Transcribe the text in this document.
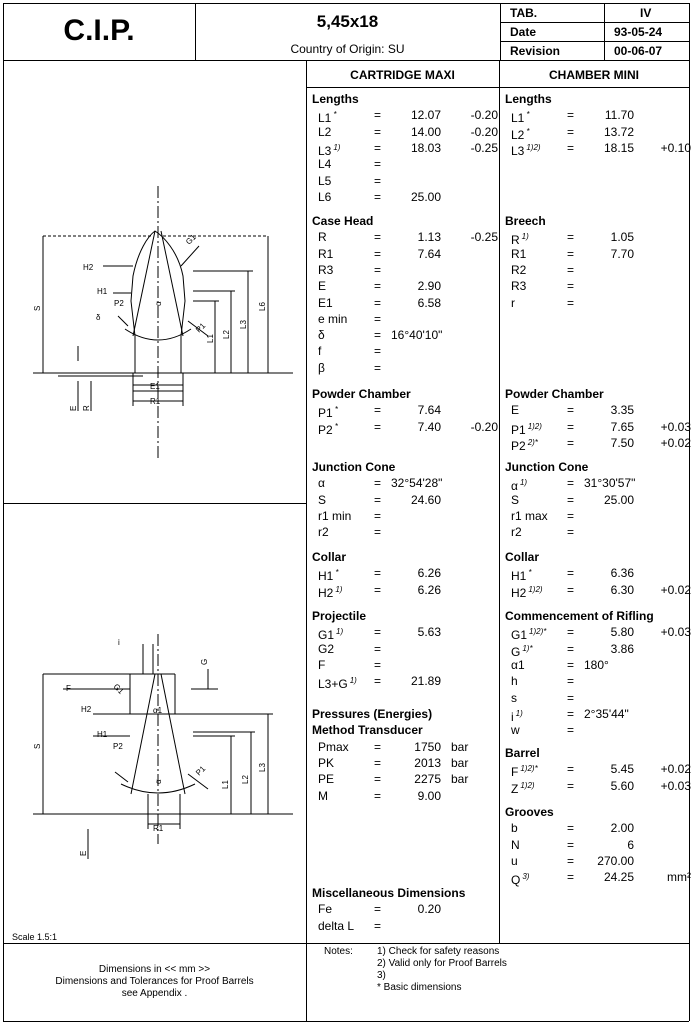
C.I.P.	5,45x18
Country of Origin: SU
TAB.	IV
Date	93-05-24
Revision	00-06-07
CARTRIDGE MAXI	CHAMBER MINI
Lengths
L1 *	=	12.07	-0.20
L2	=	14.00	-0.20
L3 $^{1)}$	=	18.03	-0.25
L4	=
L5	=
L6	=	25.00
Case Head
R	=	1.13	-0.25
R1	=	7.64
R3	=
E	=	2.90
E1	=	6.58
e min =
δ	= 16°40'10"
f	=
β	=
Powder Chamber
P1 *	=	7.64
P2 *	=	7.40	-0.20
Junction Cone
α	= 32°54'28"
S	=	24.60
r1 min =
r2	=
Collar
H1 *	=	6.26
H2 $^{1)}$	=	6.26
Projectile
G1 $^{1)}$	=	5.63
G2	=
F	=
L3+G $^{1)}$ =	21.89
Pressures (Energies)
Method Transducer
Pmax =	1750 bar
PK	=	2013 bar
PE	=	2275 bar
M	=	9.00
Miscellaneous Dimensions
Fe	=	0.20
delta L =
Lengths
L1 *	=	11.70
L2 *	=	13.72
L3 $^{1)2)}$ =	18.15	+0.10
Breech
R $^{1)}$	=	1.05
R1	=	7.70
R2	=
R3	=
r	=
Powder Chamber
E	=	3.35
P1 $^{1)2)}$ =	7.65	+0.03
P2 $^{2)*}$ =	7.50	+0.02
Junction Cone
α $^{1)}$	= 31°30'57"
S	=	25.00
r1 max =
r2	=
Collar
H1 *	=	6.36
H2 $^{1)2)}$ =	6.30	+0.02
Commencement of Rifling
G1 $^{1)2)*}$ =	5.80	+0.03
G $^{1)*}$	=	3.86
α1	= 180°
h	=
s	=
i $^{1)}$	= 2°35'44"
w	=
Barrel
F $^{1)2)*}$ =	5.45	+0.02
Z $^{1)2)}$	=	5.60	+0.03
Grooves
b	=	2.00
N	=	6
u	=	270.00
Q $^{3)}$	=	24.25	mm²
G1
H2
H1
P2
δ
P1
S	L6
L3
L2
L1
E1
R1
E R
α
i
G
F	G1
H2	α1
H1
P2
P1
S
L3
L2
L1
R1
E
α
Scale 1.5:1
Dimensions in << mm >>
Dimensions and Tolerances for Proof Barrels
see Appendix .
Notes: 1) Check for safety reasons
2) Valid only for Proof Barrels
3)
* Basic dimensions
